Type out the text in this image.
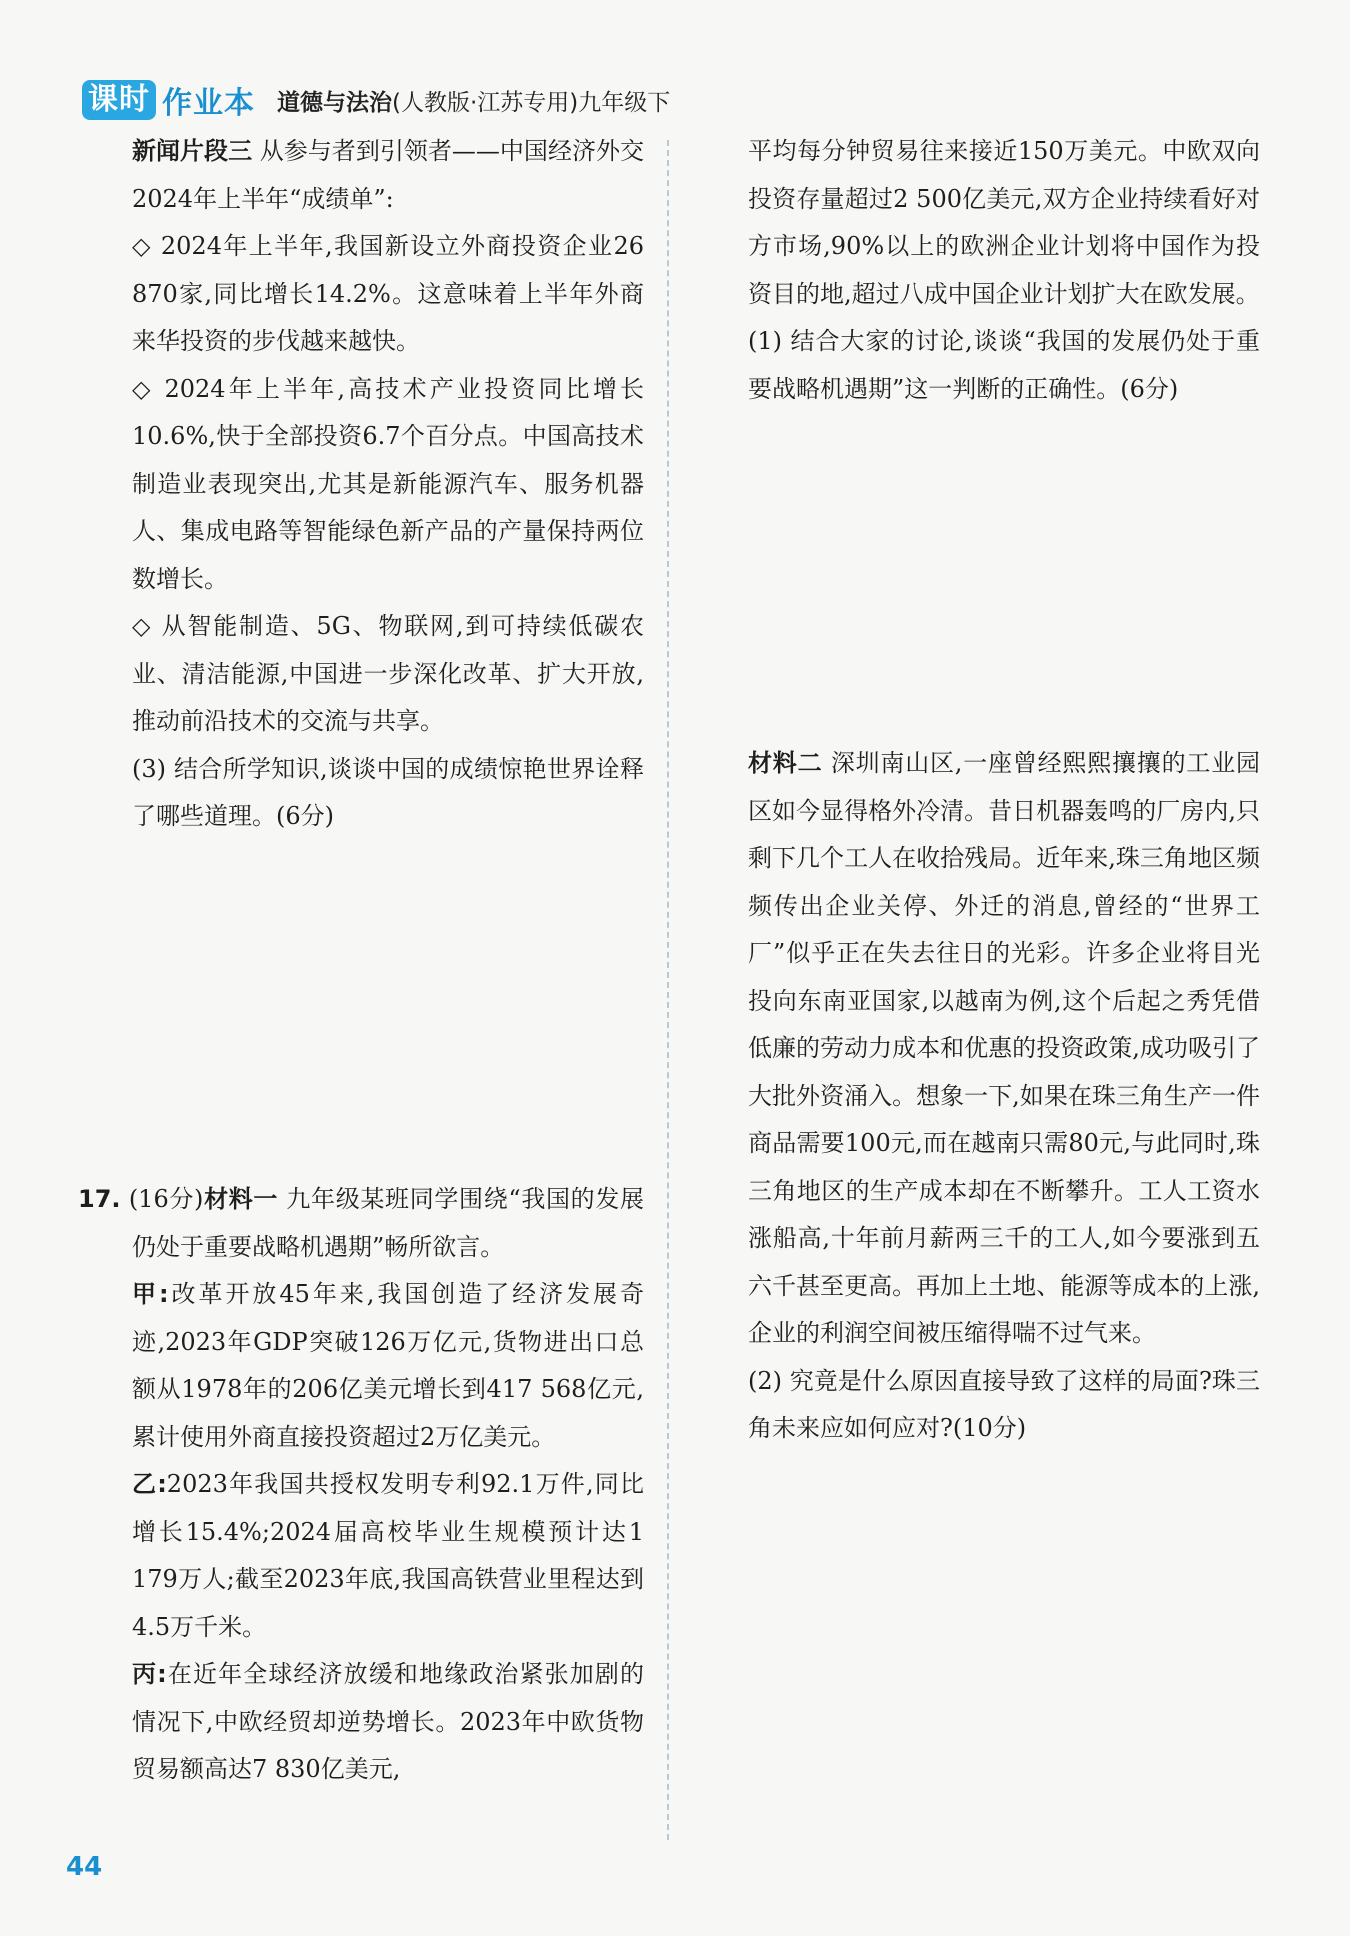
课时 作业本 道德与法治(人教版·江苏专用)九年级下

新闻片段三 从参与者到引领者——中国经济外交2024年上半年“成绩单”:

◇ 2024年上半年,我国新设立外商投资企业26 870家,同比增长14.2%。这意味着上半年外商来华投资的步伐越来越快。

◇ 2024年上半年,高技术产业投资同比增长10.6%,快于全部投资6.7个百分点。中国高技术制造业表现突出,尤其是新能源汽车、服务机器人、集成电路等智能绿色新产品的产量保持两位数增长。

◇ 从智能制造、5G、物联网,到可持续低碳农业、清洁能源,中国进一步深化改革、扩大开放,推动前沿技术的交流与共享。

(3) 结合所学知识,谈谈中国的成绩惊艳世界诠释了哪些道理。(6分)

17. (16分)材料一 九年级某班同学围绕“我国的发展仍处于重要战略机遇期”畅所欲言。

甲:改革开放45年来,我国创造了经济发展奇迹,2023年GDP突破126万亿元,货物进出口总额从1978年的206亿美元增长到417 568亿元,累计使用外商直接投资超过2万亿美元。

乙:2023年我国共授权发明专利92.1万件,同比增长15.4%;2024届高校毕业生规模预计达1 179万人;截至2023年底,我国高铁营业里程达到4.5万千米。

丙:在近年全球经济放缓和地缘政治紧张加剧的情况下,中欧经贸却逆势增长。2023年中欧货物贸易额高达7 830亿美元,

平均每分钟贸易往来接近150万美元。中欧双向投资存量超过2 500亿美元,双方企业持续看好对方市场,90%以上的欧洲企业计划将中国作为投资目的地,超过八成中国企业计划扩大在欧发展。

(1) 结合大家的讨论,谈谈“我国的发展仍处于重要战略机遇期”这一判断的正确性。(6分)

材料二 深圳南山区,一座曾经熙熙攘攘的工业园区如今显得格外冷清。昔日机器轰鸣的厂房内,只剩下几个工人在收拾残局。近年来,珠三角地区频频传出企业关停、外迁的消息,曾经的“世界工厂”似乎正在失去往日的光彩。许多企业将目光投向东南亚国家,以越南为例,这个后起之秀凭借低廉的劳动力成本和优惠的投资政策,成功吸引了大批外资涌入。想象一下,如果在珠三角生产一件商品需要100元,而在越南只需80元,与此同时,珠三角地区的生产成本却在不断攀升。工人工资水涨船高,十年前月薪两三千的工人,如今要涨到五六千甚至更高。再加上土地、能源等成本的上涨,企业的利润空间被压缩得喘不过气来。

(2) 究竟是什么原因直接导致了这样的局面?珠三角未来应如何应对?(10分)

44
